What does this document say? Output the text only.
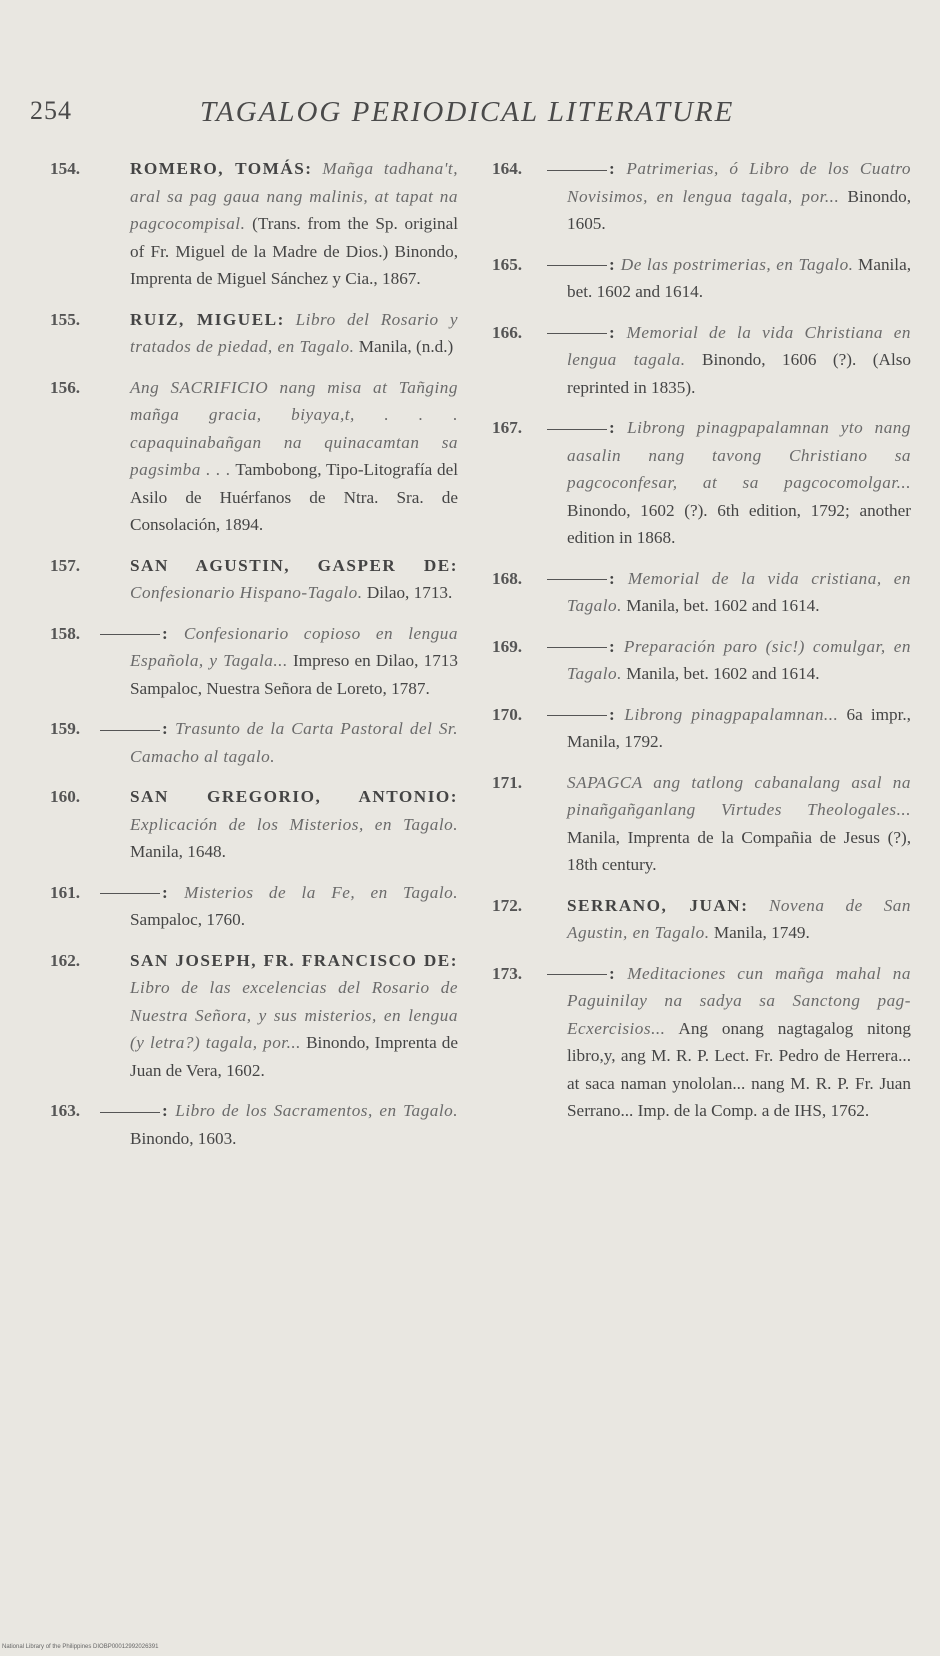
254	TAGALOG PERIODICAL LITERATURE
154.	ROMERO, TOMÁS: Mañga tadhana't, aral sa pag gaua nang malinis, at tapat na pagcocompisal. (Trans. from the Sp. original of Fr. Miguel de la Madre de Dios.) Binondo, Imprenta de Miguel Sánchez y Cia., 1867.
155.	RUIZ, MIGUEL: Libro del Rosario y tratados de piedad, en Tagalo. Manila, (n.d.)
156.	Ang SACRIFICIO nang misa at Tañging mañga gracia, biyaya,t, . . . capaquinabañgan na quinacamtan sa pagsimba . . . Tambobong, Tipo-Litografía del Asilo de Huérfanos de Ntra. Sra. de Consolación, 1894.
157.	SAN AGUSTIN, GASPER DE: Confesionario Hispano-Tagalo. Dilao, 1713.
158.	: Confesionario copioso en lengua Española, y Tagala... Impreso en Dilao, 1713 Sampaloc, Nuestra Señora de Loreto, 1787.
159.	: Trasunto de la Carta Pastoral del Sr. Camacho al tagalo.
160.	SAN GREGORIO, ANTONIO: Explicación de los Misterios, en Tagalo. Manila, 1648.
161.	: Misterios de la Fe, en Tagalo. Sampaloc, 1760.
162.	SAN JOSEPH, FR. FRANCISCO DE: Libro de las excelencias del Rosario de Nuestra Señora, y sus misterios, en lengua (y letra?) tagala, por... Binondo, Imprenta de Juan de Vera, 1602.
163.	: Libro de los Sacramentos, en Tagalo. Binondo, 1603.
164.	: Patrimerias, ó Libro de los Cuatro Novisimos, en lengua tagala, por... Binondo, 1605.
165.	: De las postrimerias, en Tagalo. Manila, bet. 1602 and 1614.
166.	: Memorial de la vida Christiana en lengua tagala. Binondo, 1606 (?). (Also reprinted in 1835).
167.	: Librong pinagpapalamnan yto nang aasalin nang tavong Christiano sa pagcoconfesar, at sa pagcocomolgar... Binondo, 1602 (?). 6th edition, 1792; another edition in 1868.
168.	: Memorial de la vida cristiana, en Tagalo. Manila, bet. 1602 and 1614.
169.	: Preparación paro (sic!) comulgar, en Tagalo. Manila, bet. 1602 and 1614.
170.	: Librong pinagpapalamnan... 6a impr., Manila, 1792.
171.	SAPAGCA ang tatlong cabanalang asal na pinañgañganlang Virtudes Theologales... Manila, Imprenta de la Compañia de Jesus (?), 18th century.
172.	SERRANO, JUAN: Novena de San Agustin, en Tagalo. Manila, 1749.
173.	: Meditaciones cun mañga mahal na Paguinilay na sadya sa Sanctong pag-Ecxercisios... Ang onang nagtagalog nitong libro,y, ang M. R. P. Lect. Fr. Pedro de Herrera... at saca naman ynololan... nang M. R. P. Fr. Juan Serrano... Imp. de la Comp. a de IHS, 1762.
National Library of the Philippines DIOBP00012992026391
